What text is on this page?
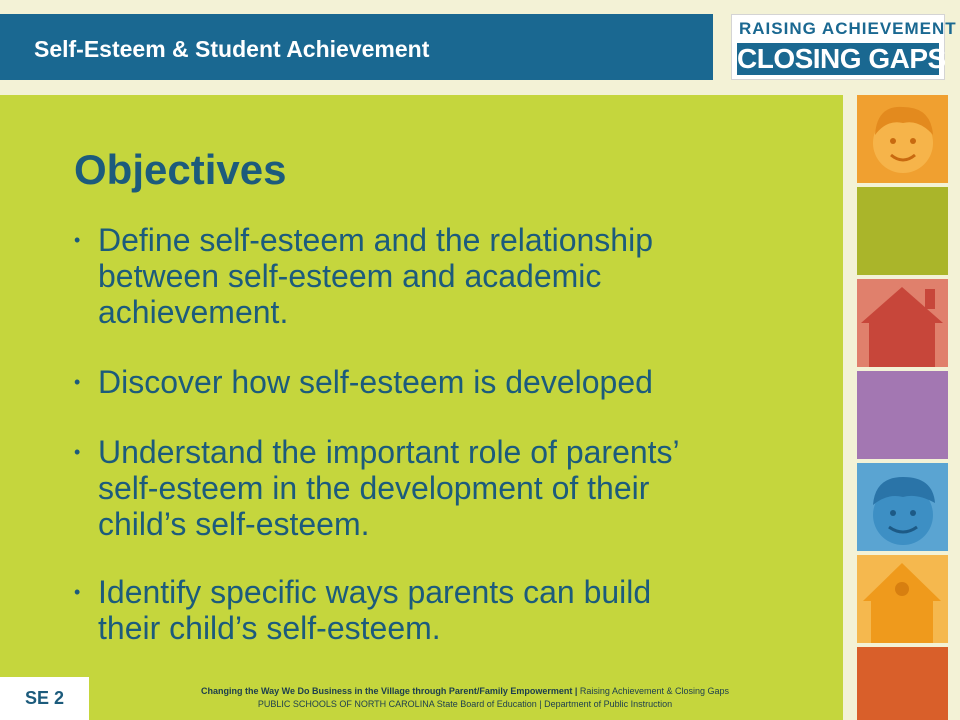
Self-Esteem & Student Achievement
RAISING ACHIEVEMENT
CLOSING GAPS
Objectives
• Define self-esteem and the relationship
between self-esteem and academic
achievement.
• Discover how self-esteem is developed
• Understand the important role of parents’
self-esteem in the development of their
child’s self-esteem.
• Identify specific ways parents can build
their child’s self-esteem.
SE 2	Changing the Way We Do Business in the Village through Parent/Family Empowerment | Raising Achievement & Closing Gaps
PUBLIC SCHOOLS OF NORTH CAROLINA State Board of Education | Department of Public Instruction
